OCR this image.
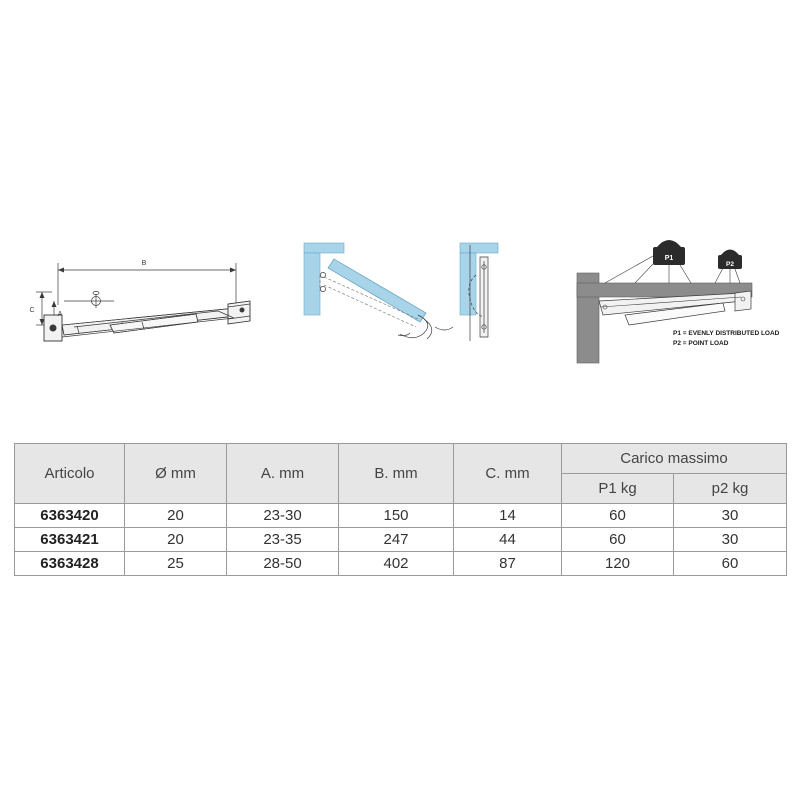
B
C
A
P1
P2
P1 = EVENLY DISTRIBUTED LOAD
P2 = POINT LOAD
Articolo	Ø mm	A. mm	B. mm	C. mm	Carico massimo	
					P1 kg	p2 kg
6363420	20	23-30	150	14	60	30
6363421	20	23-35	247	44	60	30
6363428	25	28-50	402	87	120	60
